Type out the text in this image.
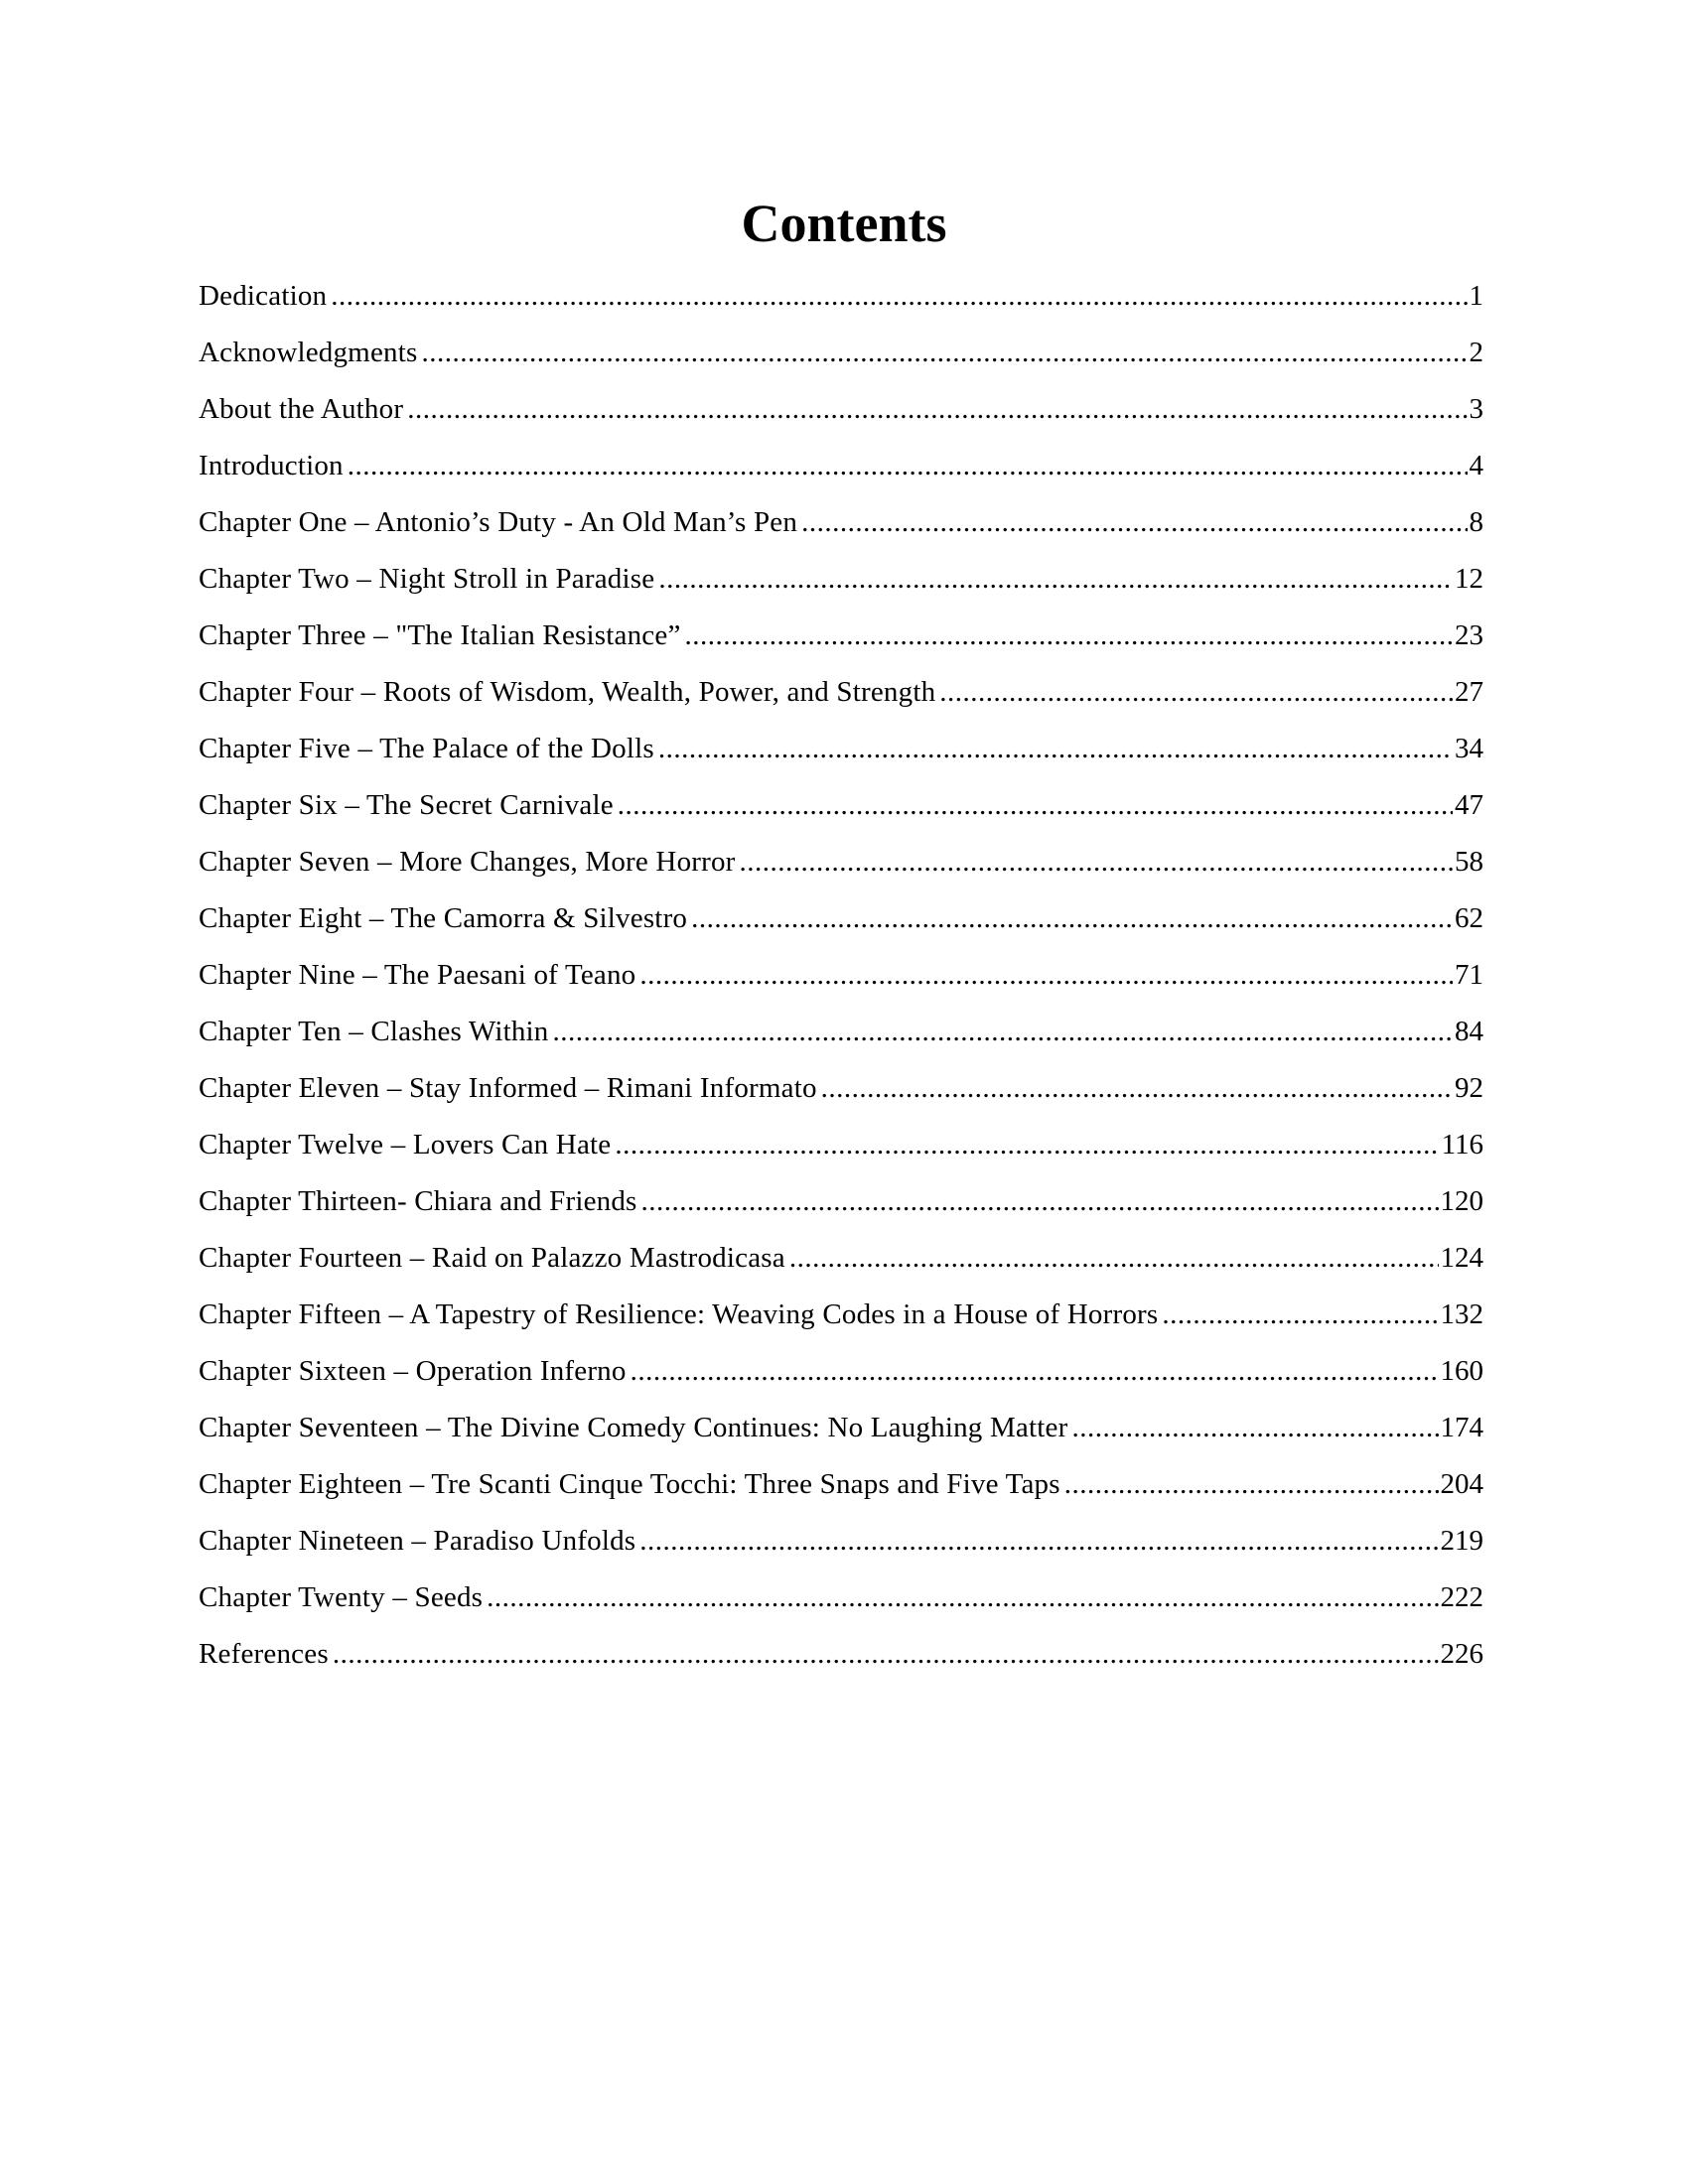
Contents
Dedication .....	1
Acknowledgments .....	2
About the Author .....	3
Introduction .....	4
Chapter One – Antonio’s Duty - An Old Man’s Pen .....	8
Chapter Two – Night Stroll in Paradise .....	12
Chapter Three – "The Italian Resistance” .....	23
Chapter Four – Roots of Wisdom, Wealth, Power, and Strength .....	27
Chapter Five – The Palace of the Dolls .....	34
Chapter Six – The Secret Carnivale .....	47
Chapter Seven – More Changes, More Horror .....	58
Chapter Eight – The Camorra & Silvestro .....	62
Chapter Nine – The Paesani of Teano .....	71
Chapter Ten – Clashes Within .....	84
Chapter Eleven – Stay Informed – Rimani Informato .....	92
Chapter Twelve – Lovers Can Hate .....	116
Chapter Thirteen- Chiara and Friends .....	120
Chapter Fourteen – Raid on Palazzo Mastrodicasa .....	124
Chapter Fifteen – A Tapestry of Resilience: Weaving Codes in a House of Horrors .....	132
Chapter Sixteen – Operation Inferno .....	160
Chapter Seventeen – The Divine Comedy Continues: No Laughing Matter .....	174
Chapter Eighteen – Tre Scanti Cinque Tocchi: Three Snaps and Five Taps .....	204
Chapter Nineteen – Paradiso Unfolds .....	219
Chapter Twenty – Seeds .....	222
References .....	226
